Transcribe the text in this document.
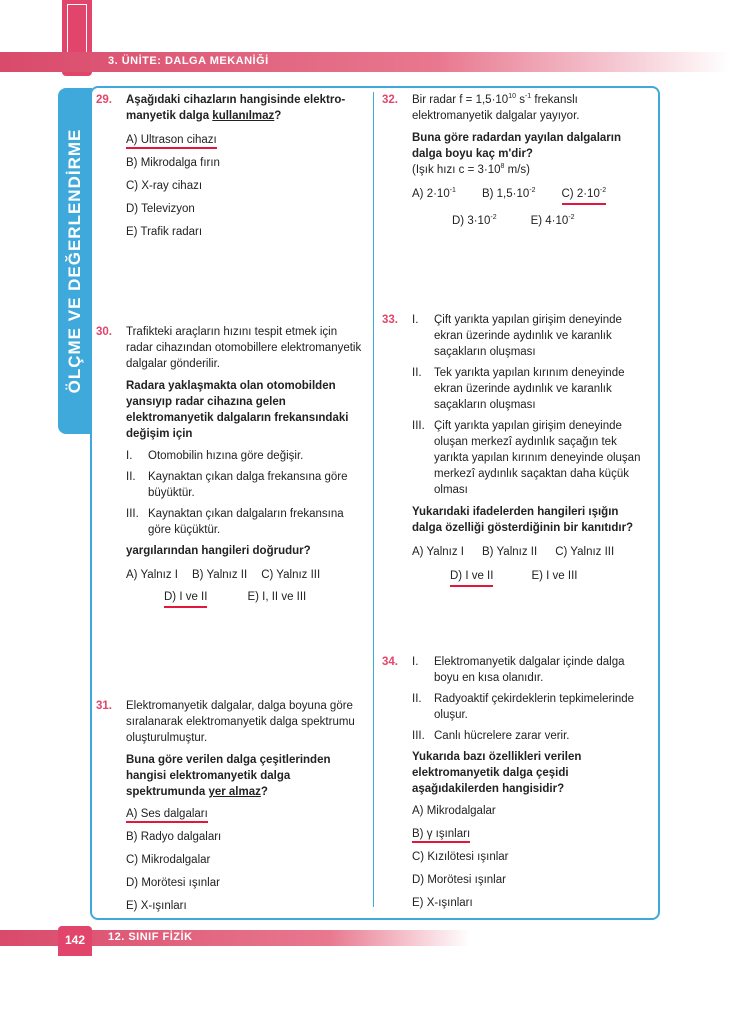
3. ÜNİTE: DALGA MEKANİĞİ
ÖLÇME VE DEĞERLENDİRME
29. Aşağıdaki cihazların hangisinde elektro-manyetik dalga kullanılmaz?

A) Ultrason cihazı

B) Mikrodalga fırın

C) X-ray cihazı

D) Televizyon

E) Trafik radarı

30. Trafikteki araçların hızını tespit etmek için radar cihazından otomobillere elektromanyetik dalgalar gönderilir.

Radara yaklaşmakta olan otomobilden yansıyıp radar cihazına gelen elektromanyetik dalgaların frekansındaki değişim için

I.	Otomobilin hızına göre değişir.
II.	Kaynaktan çıkan dalga frekansına göre büyüktür.
III. Kaynaktan çıkan dalgaların frekansına göre küçüktür.

yargılarından hangileri doğrudur?

A) Yalnız I B) Yalnız II C) Yalnız III
D) I ve II	E) I, II ve III
31. Elektromanyetik dalgalar, dalga boyuna göre sıralanarak elektromanyetik dalga spektrumu oluşturulmuştur.

Buna göre verilen dalga çeşitlerinden hangisi elektromanyetik dalga spektrumunda yer almaz?

A) Ses dalgaları

B) Radyo dalgaları

C) Mikrodalgalar

D) Morötesi ışınlar

E) X-ışınları

32. Bir radar $f = 1,5\cdot 10^{10}$ $s^{-1}$ frekanslı elektromanyetik dalgalar yayıyor.

Buna göre radardan yayılan dalgaların dalga boyu kaç m'dir?

(Işık hızı $c = 3\cdot 10^8$ m/s)

A) $2\cdot 10^{-1}$ B) $1,5\cdot 10^{-2}$ C) $2\cdot 10^{-2}$
D) $3\cdot 10^{-2}$	E) $4\cdot 10^{-2}$
33. I.	Çift yarıkta yapılan girişim deneyinde ekran üzerinde aydınlık ve karanlık saçakların oluşması
II.	Tek yarıkta yapılan kırınım deneyinde ekran üzerinde aydınlık ve karanlık saçakların oluşması
III. Çift yarıkta yapılan girişim deneyinde oluşan merkezî aydınlık saçağın tek yarıkta yapılan kırınım deneyinde oluşan merkezî aydınlık saçaktan daha küçük olması

Yukarıdaki ifadelerden hangileri ışığın dalga özelliği gösterdiğinin bir kanıtıdır?

A) Yalnız I B) Yalnız II C) Yalnız III
D) I ve II	E) I ve III
34. I.	Elektromanyetik dalgalar içinde dalga boyu en kısa olanıdır.
II.	Radyoaktif çekirdeklerin tepkimelerinde oluşur.
III. Canlı hücrelere zarar verir.

Yukarıda bazı özellikleri verilen elektromanyetik dalga çeşidi aşağıdakilerden hangisidir?

A) Mikrodalgalar

B) γ ışınları

C) Kızılötesi ışınlar

D) Morötesi ışınlar

E) X-ışınları

12. SINIF FİZİK
142
